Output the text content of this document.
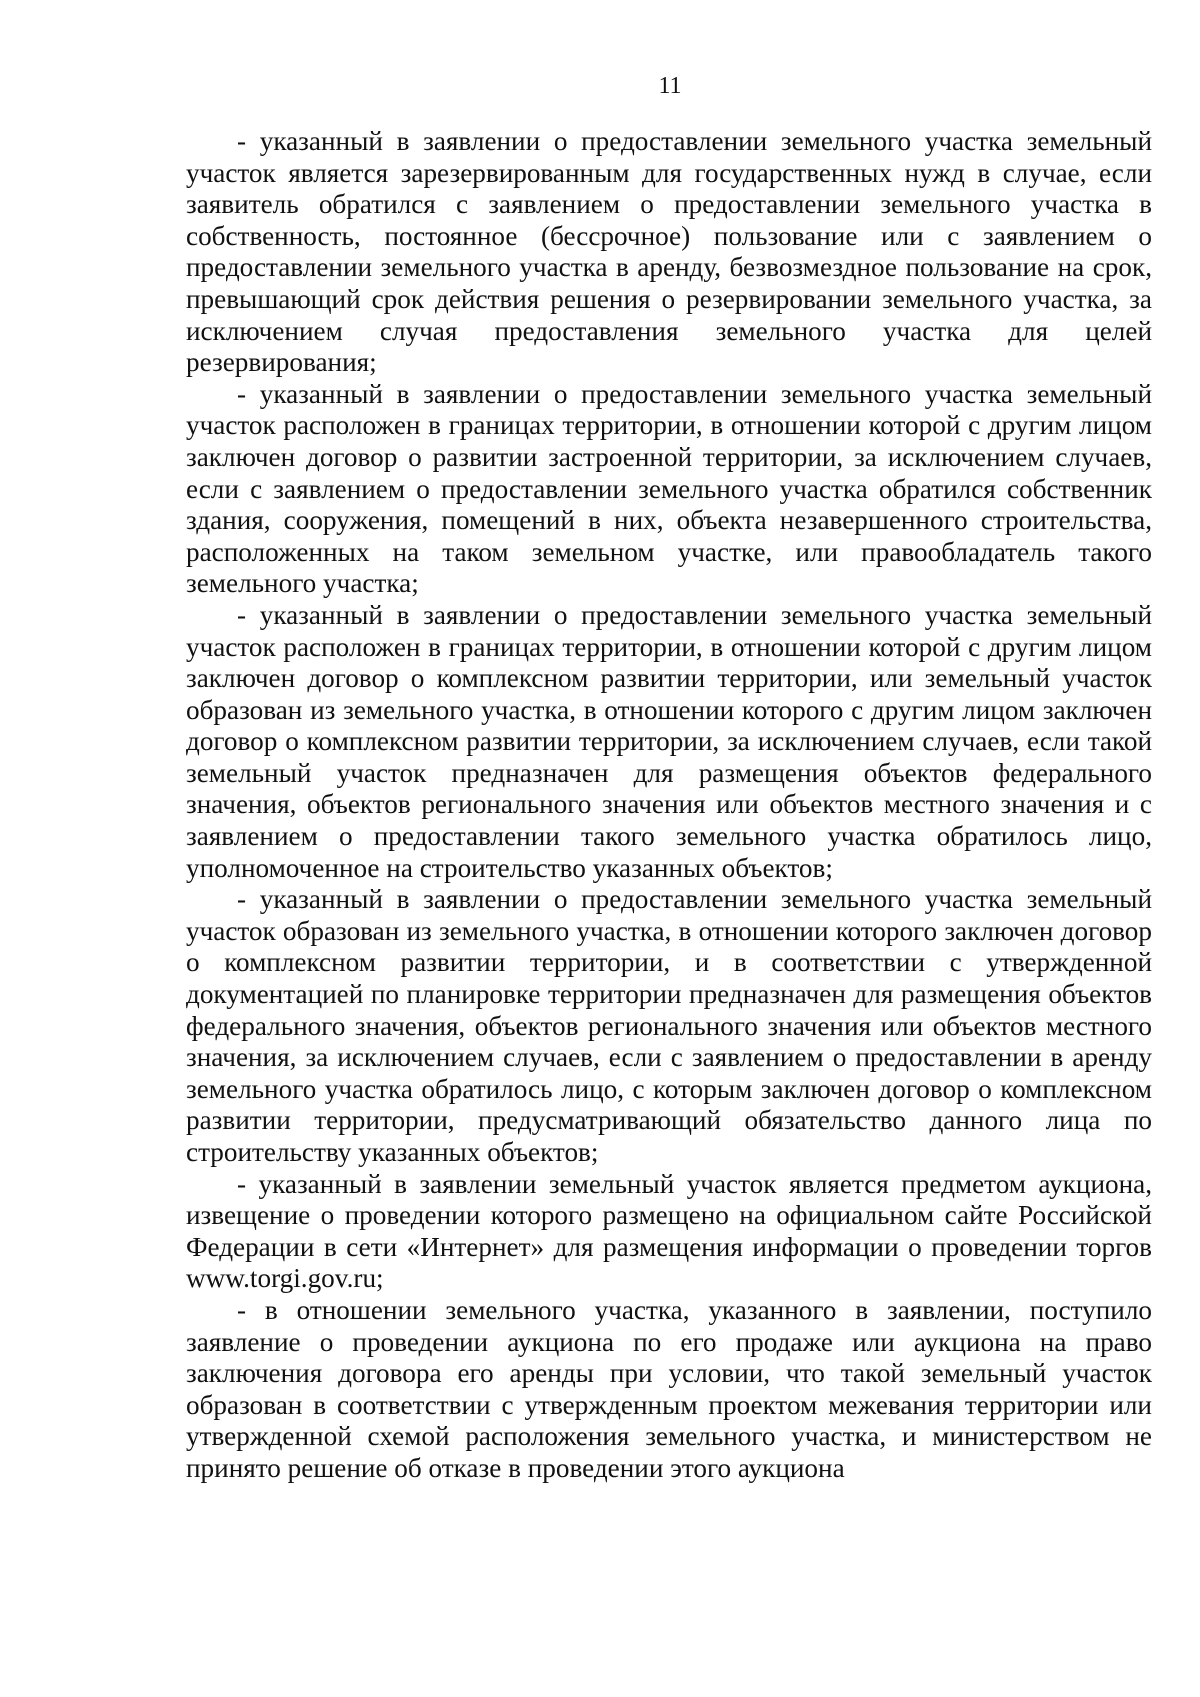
11

- указанный в заявлении о предоставлении земельного участка земельный участок является зарезервированным для государственных нужд в случае, если заявитель обратился с заявлением о предоставлении земельного участка в собственность, постоянное (бессрочное) пользование или с заявлением о предоставлении земельного участка в аренду, безвозмездное пользование на срок, превышающий срок действия решения о резервировании земельного участка, за исключением случая предоставления земельного участка для целей резервирования;

- указанный в заявлении о предоставлении земельного участка земельный участок расположен в границах территории, в отношении которой с другим лицом заключен договор о развитии застроенной территории, за исключением случаев, если с заявлением о предоставлении земельного участка обратился собственник здания, сооружения, помещений в них, объекта незавершенного строительства, расположенных на таком земельном участке, или правообладатель такого земельного участка;

- указанный в заявлении о предоставлении земельного участка земельный участок расположен в границах территории, в отношении которой с другим лицом заключен договор о комплексном развитии территории, или земельный участок образован из земельного участка, в отношении которого с другим лицом заключен договор о комплексном развитии территории, за исключением случаев, если такой земельный участок предназначен для размещения объектов федерального значения, объектов регионального значения или объектов местного значения и с заявлением о предоставлении такого земельного участка обратилось лицо, уполномоченное на строительство указанных объектов;

- указанный в заявлении о предоставлении земельного участка земельный участок образован из земельного участка, в отношении которого заключен договор о комплексном развитии территории, и в соответствии с утвержденной документацией по планировке территории предназначен для размещения объектов федерального значения, объектов регионального значения или объектов местного значения, за исключением случаев, если с заявлением о предоставлении в аренду земельного участка обратилось лицо, с которым заключен договор о комплексном развитии территории, предусматривающий обязательство данного лица по строительству указанных объектов;

- указанный в заявлении земельный участок является предметом аукциона, извещение о проведении которого размещено на официальном сайте Российской Федерации в сети «Интернет» для размещения информации о проведении торгов www.torgi.gov.ru;

- в отношении земельного участка, указанного в заявлении, поступило заявление о проведении аукциона по его продаже или аукциона на право заключения договора его аренды при условии, что такой земельный участок образован в соответствии с утвержденным проектом межевания территории или утвержденной схемой расположения земельного участка, и министерством не принято решение об отказе в проведении этого аукциона
